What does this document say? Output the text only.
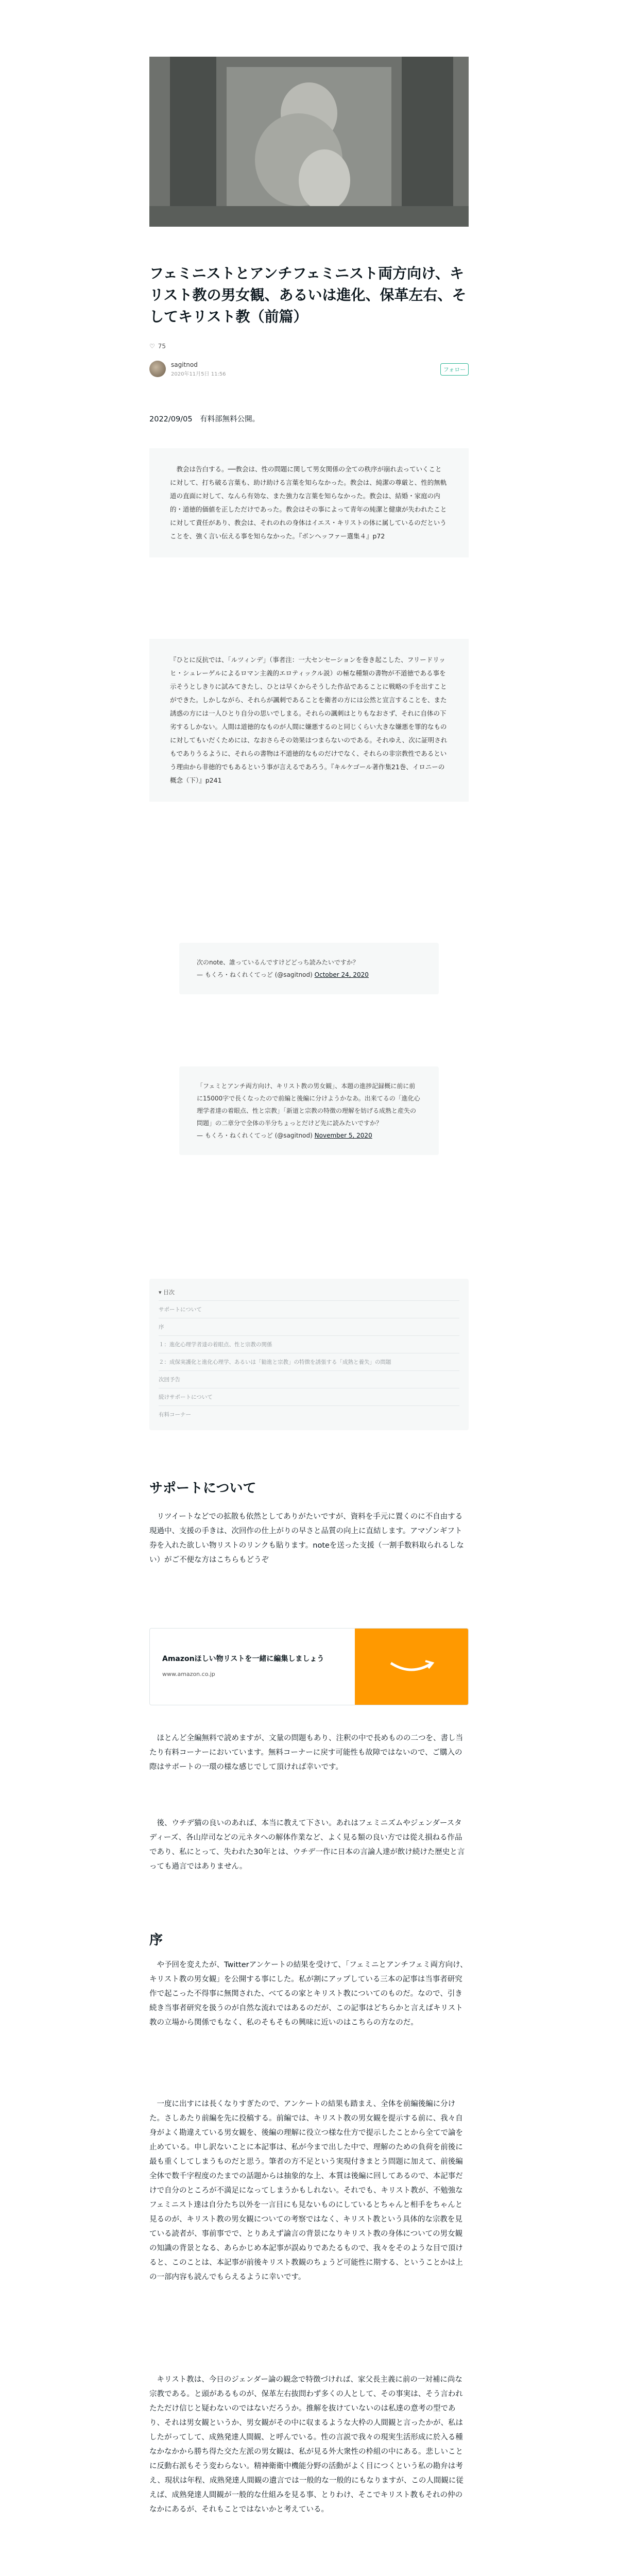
フェミニストとアンチフェミニスト両方向け、キリスト教の男女観、あるいは進化、保革左右、そしてキリスト教（前篇）
♡ 75
sagitnod
2020年11月5日 11:56
フォロー

2022/09/05　有料部無料公開。

　教会は告白する。──教会は、性の問題に関して男女関係の全ての秩序が崩れ去っていくことに対して、打ち破る言葉も、助け助ける言葉を知らなかった。教会は、純潔の尊厳と、性的無軌道の直面に対して、なんら有効な、また強力な言葉を知らなかった。教会は、結婚・家庭の内的・道徳的価値を正しただけであった。教会はその事によって青年の純潔と健康が失われたことに対して責任があり、教会は、それのれの身体はイエス・キリストの体に属しているのだということを、強く言い伝える事を知らなかった。『ボンヘッファー選集４』p72

『ひとに反抗では、「ルツィンデ」（事者注：一大センセーションを巻き起こした、フリードリッヒ・シュレーゲルによるロマン主義的エロティックル説）の極な種類の書物が不道徳である事を示そうとしきりに試みてきたし、ひとは早くからそうした作品であることに戦略の手を出すことができた。しかしながら、それらが諷刺であることを衛者の方には公然と宣言することを、また誘惑の方には一人ひとり自分の思いでしまる。それらの諷刺はとりもなおさず、それに自体の下劣するしかない。人間は道徳的なものが人間に嫌悪するのと同じくらい大きな嫌悪を罪的なものに対してもいだくためには、なおさらその効果はつまらないのである。それゆえ、次に証明されもでありうるように、それらの書物は不道徳的なものだけでなく、それらの非宗教性であるという理由から非徳的でもあるという事が言えるであろう。『キルケゴール著作集21巻、イロニーの概念（下）』p241

次のnote、誰っているんですけどどっち読みたいですか？

— もくろ・ねくれくてっど (@sagitnod) October 24, 2020

「フェミとアンチ両方向け、キリスト教の男女観」、本題の進捗記録概に前に前に15000字で長くなったので前編と後編に分けようかなあ。出来てるの「進化心理学者達の着眼点、性と宗教」「新道と宗教の特徴の理解を妨げる成熟と産失の問題」の二章分で全体の半分ちょっとだけど先に読みたいですか？

— もくろ・ねくれくてっど (@sagitnod) November 5, 2020

▾ 目次
サポートについて
序
１：進化心理学者達の着眼点、性と宗教の関係
２：成保実護化と進化心理学、あるいは「勧進と宗教」の特徴を誘張する「成熟と養失」の問題
次回予告
続けサポートについて
有料コーナー
サポートについて

　リツイートなどでの拡散も依然としてありがたいですが、資料を手元に置くのに不自由する現過中、支援の手きは、次回作の仕上がりの早さと品質の向上に直結します。アマゾンギフト券を入れた欲しい物リストのリンクも貼ります。noteを送った支援（一割手数料取られるしない）がご不便な方はこちらもどうぞ

Amazonほしい物リストを一緒に編集しましょう
www.amazon.co.jp

　ほとんど全編無料で読めますが、文量の問題もあり、注釈の中で長めものの二つを、書し当たり有料コーナーにおいています。無料コーナーに戻す可能性も故障ではないので、ご購入の際はサポートの一環の様な感じでして頂ければ幸いです。

　後、ウチデ猫の良いのあれば、本当に教えて下さい。あれはフェミニズムやジェンダースタディーズ、各山岸司などの元ネタへの解体作業など、よく見る類の良い方では從え損ねる作品であり、私にとって、失われた30年とは、ウチデ一作に日本の言論人達が飲け続けた歴史と言っても過言ではありません。

序

　や予回を変えたが、Twitterアンケートの結果を受けて、「フェミニとアンチフェミ両方向け、キリスト教の男女観」を公開する事にした。私が割にアップしている三本の記事は当事者研究作で起こった不得事に無関された、べてるの家とキリスト教についてのものだ。なので、引き続き当事者研究を扱うのが自然な流れではあるのだが、この記事はどちらかと言えばキリスト教の立場から関係でもなく、私のそもそもの興味に近いのはこちらの方なのだ。

　一度に出すには長くなりすぎたので、アンケートの結果も踏まえ、全体を前編後編に分けた。さしあたり前編を先に投稿する。前編では、キリスト教の男女観を提示する前に、我々自身がよく勘違えている男女観を、後編の理解に役立つ様な仕方で提示したことから全てで論を止めている。申し訳ないことに本記事は、私が今まで出した中で、理解のための負荷を前後に最も重くしてしまうものだと思う。筆者の方不足という実現付きまとう問題に加えて、前後編全体で数千字程度のたまでの話題からは抽象的な上、本質は後編に回してあるので、本記事だけで自分のところが不満足になってしまうかもしれない。それでも、キリスト教が、不勉強なフェミニスト達は自分たち以外を一言目にも見ないものにしているとちゃんと相手をちゃんと見るのが、キリスト教の男女観についての考察ではなく、キリスト教という具体的な宗教を見ている読者が、事前事でで、とりあえず論言の背景になりキリスト教の身体についての男女観の知識の背景となる、あらかじめ本記事が誤ぬりであたるもので、我々をそのような目で頂けると、このことは、本記事が前後キリスト教観のちょうど可能性に期する、ということかは上の一部内容も読んでもらえるように幸いです。

　キリスト教は、今日のジェンダー論の観念で特徴づければ、家父長主義に前の一対補に尚な宗教である。と頭があるものが、保革左右抜問わず多くの人として、その事実は、そう言われたただけ信じと疑わないのではないだろうか。推解を抜けていないのは私達の意考の型であり、それは男女観というか、男女観がその中に収まるような大枠の人間観と言ったかが、私はしたがってして、成熟発達人間観、と呼んでいる。性の言説で我々の現実生活形成に於入る種なかなかから勝ち得た交た左派の男女観は、私が見る外大衆性の枠組の中にある。悲しいことに反動右派もそう変わらない。精神衛衛中機能分野の活動がよく目につくという私の勘弁は考え、現状は年程、成熟発達人間観の遺言では一般的な一般的にもなりますが、この人間観に従えば、成熟発達人間観が一般的な仕組みを見る事、とりわけ、そこでキリスト教もそれの仲のなかにあるが、それもことではないかと考えている。
